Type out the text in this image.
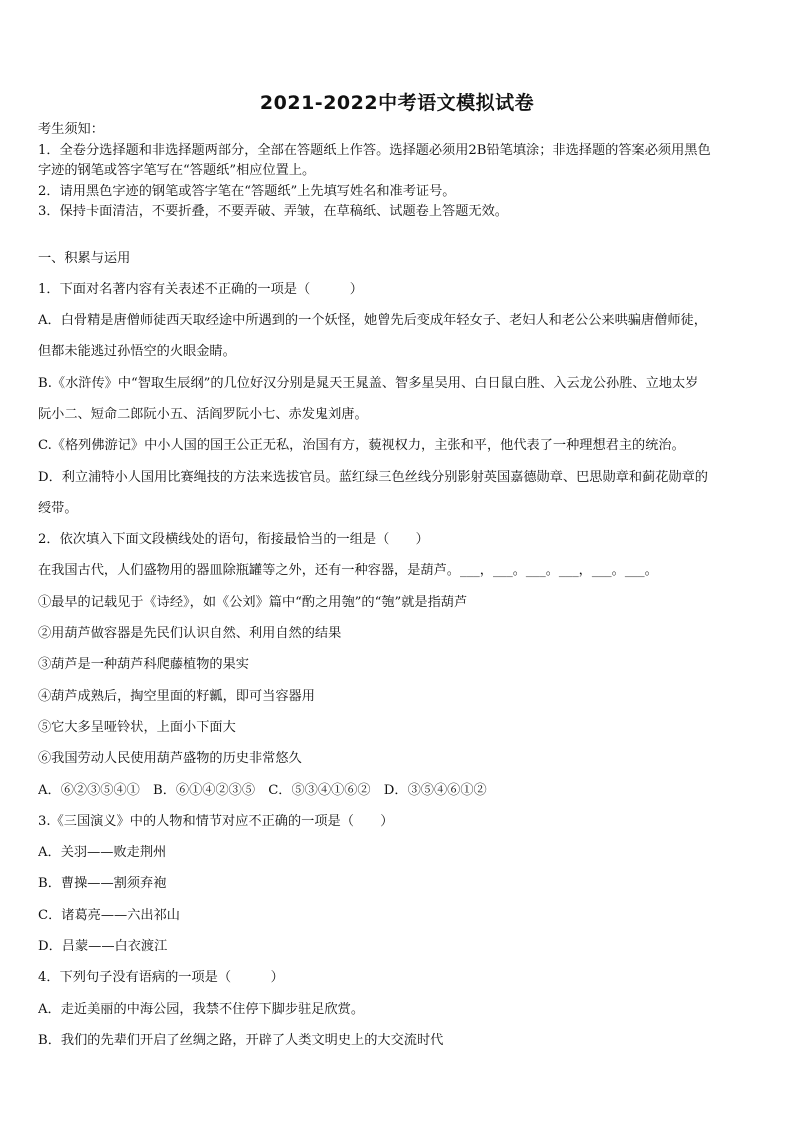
2021-2022中考语文模拟试卷
考生须知：
1．全卷分选择题和非选择题两部分，全部在答题纸上作答。选择题必须用2B铅笔填涂；非选择题的答案必须用黑色
字迹的钢笔或答字笔写在“答题纸”相应位置上。
2．请用黑色字迹的钢笔或答字笔在“答题纸”上先填写姓名和准考证号。
3．保持卡面清洁，不要折叠，不要弄破、弄皱，在草稿纸、试题卷上答题无效。
一、积累与运用
1．下面对名著内容有关表述不正确的一项是（　　　）
A．白骨精是唐僧师徒西天取经途中所遇到的一个妖怪，她曾先后变成年轻女子、老妇人和老公公来哄骗唐僧师徒，
但都未能逃过孙悟空的火眼金睛。
B.《水浒传》中“智取生辰纲”的几位好汉分别是晁天王晁盖、智多星吴用、白日鼠白胜、入云龙公孙胜、立地太岁
阮小二、短命二郎阮小五、活阎罗阮小七、赤发鬼刘唐。
C.《格列佛游记》中小人国的国王公正无私，治国有方，藐视权力，主张和平，他代表了一种理想君主的统治。
D．利立浦特小人国用比赛绳技的方法来选拔官员。蓝红绿三色丝线分别影射英国嘉德勋章、巴思勋章和蓟花勋章的
绶带。
2．依次填入下面文段横线处的语句，衔接最恰当的一组是（　　）
在我国古代，人们盛物用的器皿除瓶罐等之外，还有一种容器，是葫芦。___，___。___。___，___。___。
①最早的记载见于《诗经》，如《公刘》篇中“酌之用匏”的“匏”就是指葫芦
②用葫芦做容器是先民们认识自然、利用自然的结果
③葫芦是一种葫芦科爬藤植物的果实
④葫芦成熟后，掏空里面的籽瓤，即可当容器用
⑤它大多呈哑铃状，上面小下面大
⑥我国劳动人民使用葫芦盛物的历史非常悠久
A．⑥②③⑤④①　B．⑥①④②③⑤　C．⑤③④①⑥②　D．③⑤④⑥①②
3.《三国演义》中的人物和情节对应不正确的一项是（　　）
A．关羽——败走荆州
B．曹操——割须弃袍
C．诸葛亮——六出祁山
D．吕蒙——白衣渡江
4．下列句子没有语病的一项是（　　　）
A．走近美丽的中海公园，我禁不住停下脚步驻足欣赏。
B．我们的先辈们开启了丝绸之路，开辟了人类文明史上的大交流时代
